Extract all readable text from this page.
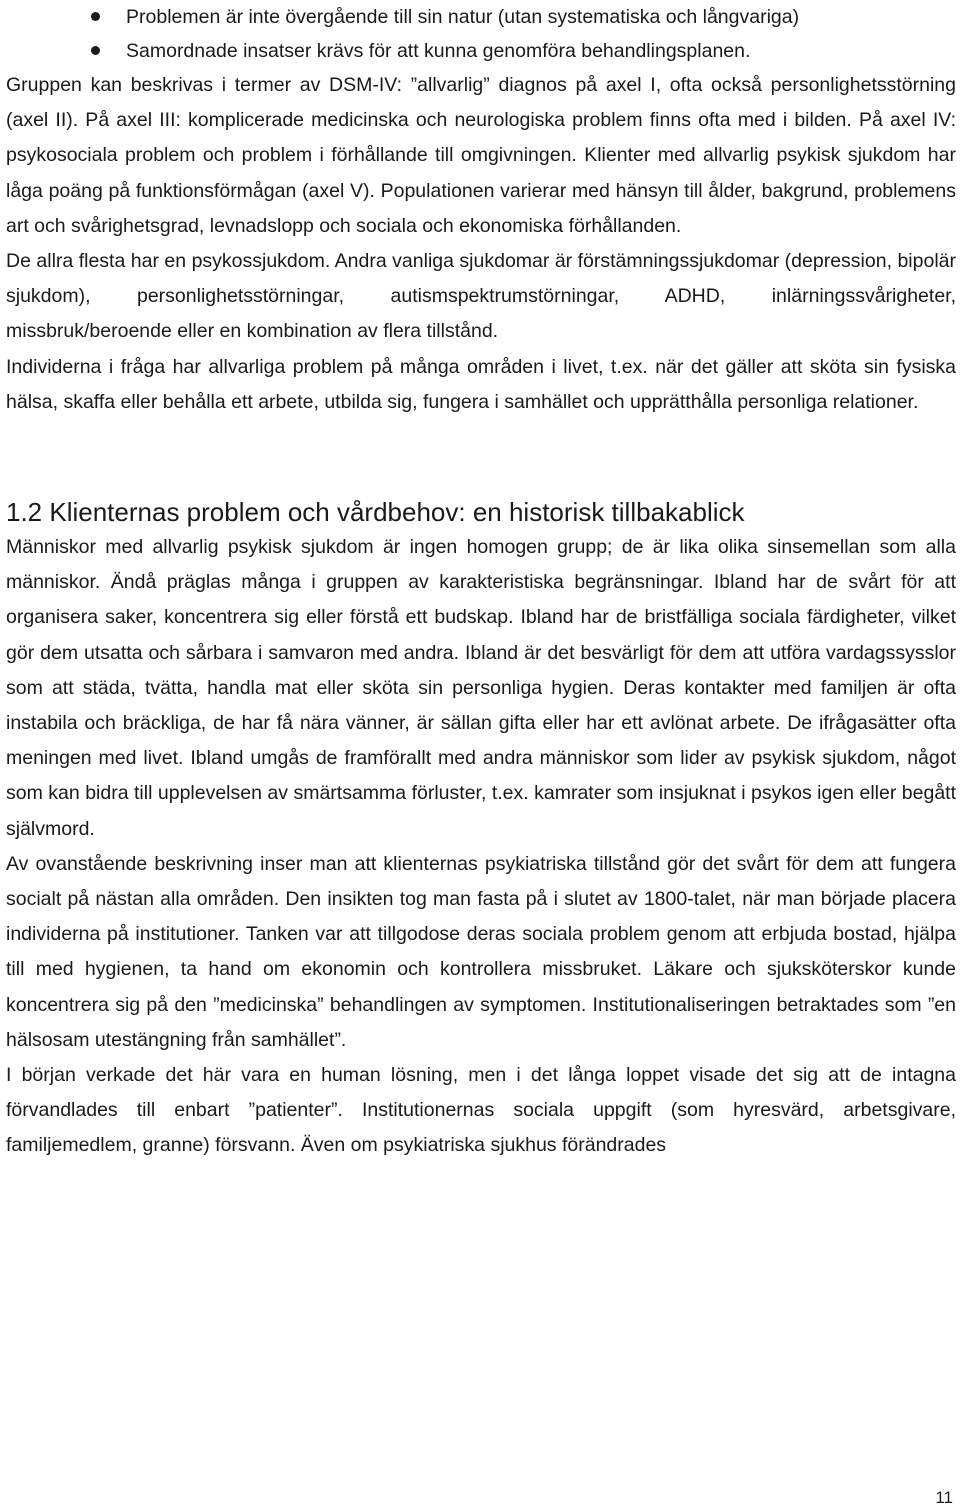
Problemen är inte övergående till sin natur (utan systematiska och långvariga)
Samordnade insatser krävs för att kunna genomföra behandlingsplanen.

Gruppen kan beskrivas i termer av DSM-IV: ”allvarlig” diagnos på axel I, ofta också personlighetsstörning (axel II). På axel III: komplicerade medicinska och neurologiska problem finns ofta med i bilden. På axel IV: psykosociala problem och problem i förhållande till omgivningen. Klienter med allvarlig psykisk sjukdom har låga poäng på funktionsförmågan (axel V). Populationen varierar med hänsyn till ålder, bakgrund, problemens art och svårighetsgrad, levnadslopp och sociala och ekonomiska förhållanden.

De allra flesta har en psykossjukdom. Andra vanliga sjukdomar är förstämningssjukdomar (depression, bipolär sjukdom), personlighetsstörningar, autismspektrumstörningar, ADHD, inlärningssvårigheter, missbruk/beroende eller en kombination av flera tillstånd.

Individerna i fråga har allvarliga problem på många områden i livet, t.ex. när det gäller att sköta sin fysiska hälsa, skaffa eller behålla ett arbete, utbilda sig, fungera i samhället och upprätthålla personliga relationer.

1.2 Klienternas problem och vårdbehov: en historisk tillbakablick

Människor med allvarlig psykisk sjukdom är ingen homogen grupp; de är lika olika sinsemellan som alla människor. Ändå präglas många i gruppen av karakteristiska begränsningar. Ibland har de svårt för att organisera saker, koncentrera sig eller förstå ett budskap. Ibland har de bristfälliga sociala färdigheter, vilket gör dem utsatta och sårbara i samvaron med andra. Ibland är det besvärligt för dem att utföra vardagssysslor som att städa, tvätta, handla mat eller sköta sin personliga hygien. Deras kontakter med familjen är ofta instabila och bräckliga, de har få nära vänner, är sällan gifta eller har ett avlönat arbete. De ifrågasätter ofta meningen med livet. Ibland umgås de framförallt med andra människor som lider av psykisk sjukdom, något som kan bidra till upplevelsen av smärtsamma förluster, t.ex. kamrater som insjuknat i psykos igen eller begått självmord.

Av ovanstående beskrivning inser man att klienternas psykiatriska tillstånd gör det svårt för dem att fungera socialt på nästan alla områden. Den insikten tog man fasta på i slutet av 1800-talet, när man började placera individerna på institutioner. Tanken var att tillgodose deras sociala problem genom att erbjuda bostad, hjälpa till med hygienen, ta hand om ekonomin och kontrollera missbruket. Läkare och sjuksköterskor kunde koncentrera sig på den ”medicinska” behandlingen av symptomen. Institutionaliseringen betraktades som ”en hälsosam utestängning från samhället”.

I början verkade det här vara en human lösning, men i det långa loppet visade det sig att de intagna förvandlades till enbart ”patienter”. Institutionernas sociala uppgift (som hyresvärd, arbetsgivare, familjemedlem, granne) försvann. Även om psykiatriska sjukhus förändrades

11
